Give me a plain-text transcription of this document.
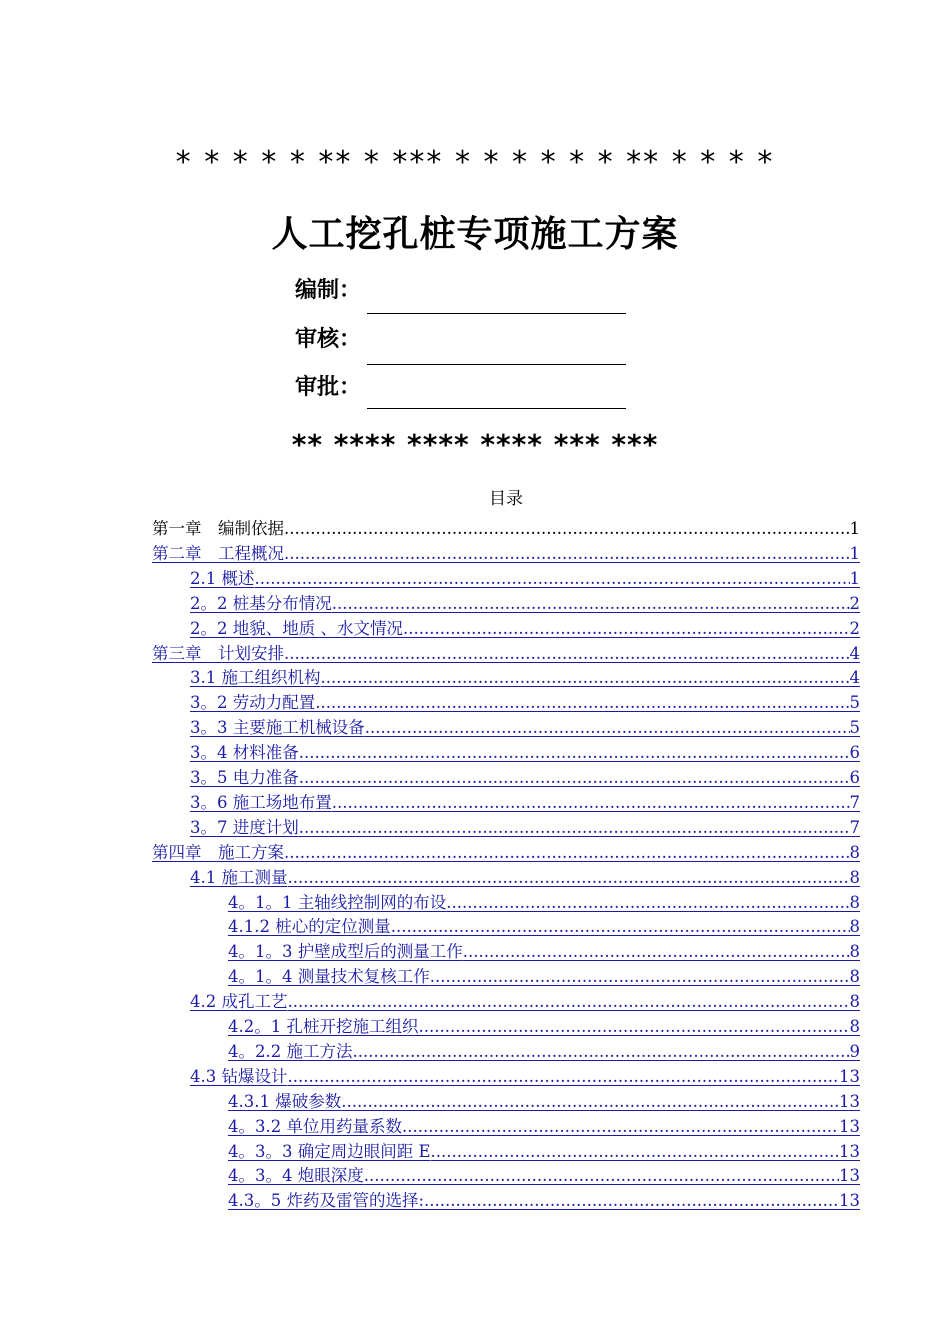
* * * * * ** * *** * * * * * * ** * * * *
人工挖孔桩专项施工方案
编制：
审核：
审批：
** **** **** **** *** ***
目录
第一章　编制依据 .....	1
第二章　工程概况 .....	1
2.1 概述 .....	1
2。2 桩基分布情况 .....	2
2。2 地貌、地质 、水文情况 .....	2
第三章　计划安排 .....	4
3.1 施工组织机构 .....	4
3。2 劳动力配置 .....	5
3。3 主要施工机械设备 .....	5
3。4 材料准备 .....	6
3。5 电力准备 .....	6
3。6 施工场地布置 .....	7
3。7 进度计划 .....	7
第四章　施工方案 .....	8
4.1 施工测量 .....	8
4。1。1 主轴线控制网的布设 .....	8
4.1.2 桩心的定位测量 .....	8
4。1。3 护壁成型后的测量工作 .....	8
4。1。4 测量技术复核工作 .....	8
4.2 成孔工艺 .....	8
4.2。1 孔桩开挖施工组织 .....	8
4。2.2 施工方法 .....	9
4.3 钻爆设计 .....	13
4.3.1 爆破参数 .....	13
4。3.2 单位用药量系数 .....	13
4。3。3 确定周边眼间距 E .....	13
4。3。4 炮眼深度 .....	13
4.3。5 炸药及雷管的选择: .....	13
